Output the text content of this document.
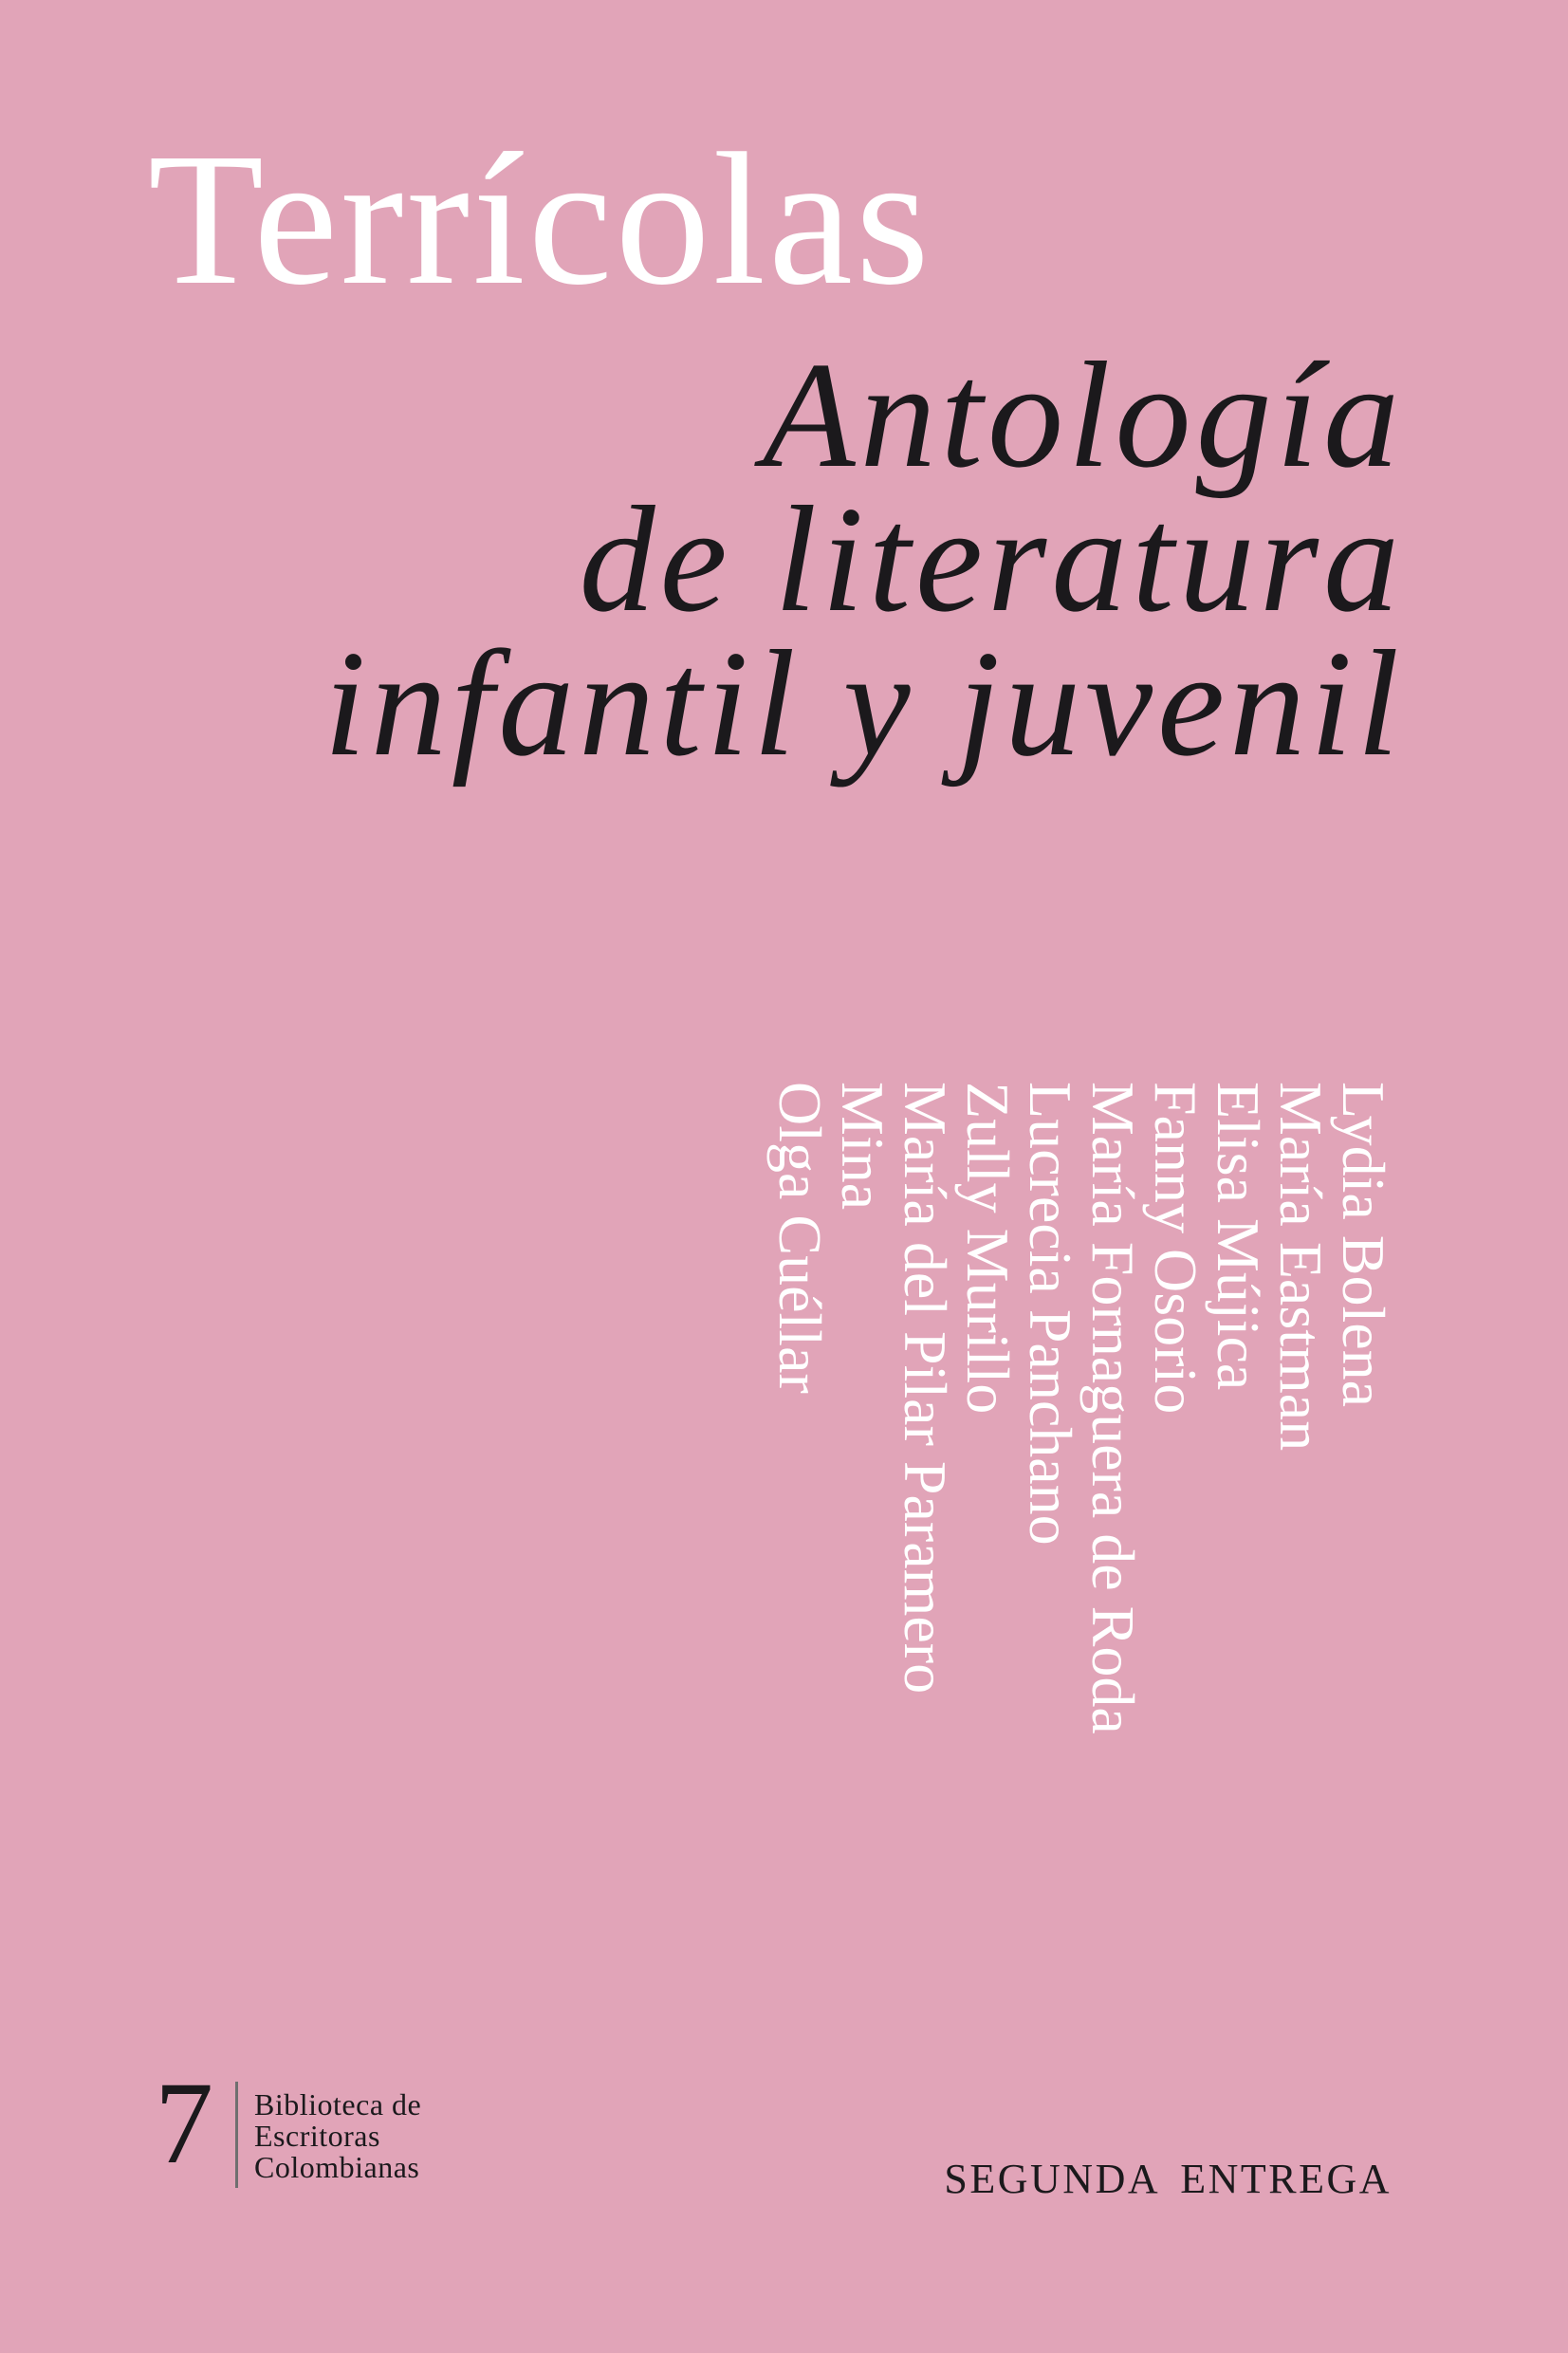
Terrícolas
Antología
de literatura
infantil y juvenil
Lydia Bolena
María Eastman
Elisa Mújica
Fanny Osorio
María Fornaguera de Roda
Lucrecia Panchano
Zully Murillo
María del Pilar Paramero
Mina
Olga Cuéllar
7 Biblioteca de
Escritoras
Colombianas	SEGUNDA ENTREGA
